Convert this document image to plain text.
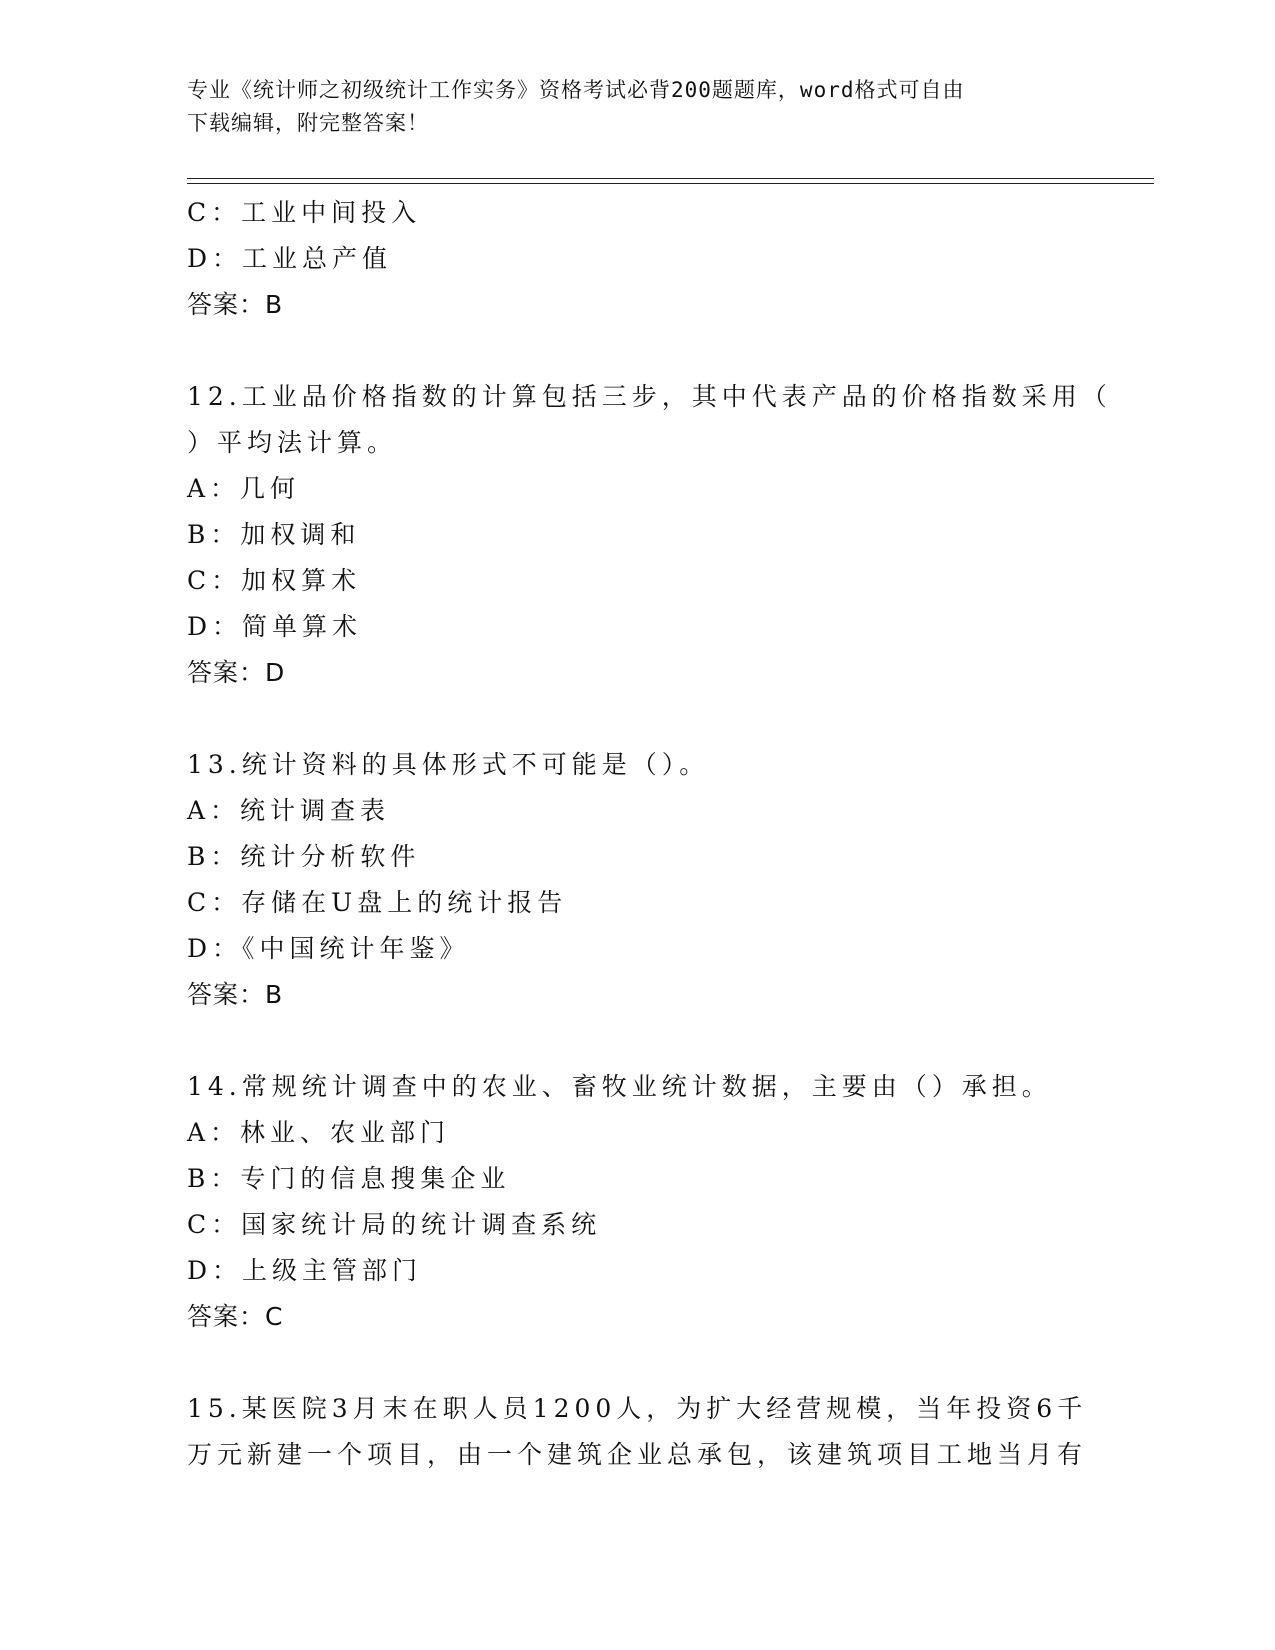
专业《统计师之初级统计工作实务》资格考试必背200题题库，word格式可自由
下载编辑，附完整答案！
C：工业中间投入
D：工业总产值
答案：B
12.工业品价格指数的计算包括三步，其中代表产品的价格指数采用（
）平均法计算。
A：几何
B：加权调和
C：加权算术
D：简单算术
答案：D
13.统计资料的具体形式不可能是（）。
A：统计调查表
B：统计分析软件
C：存储在U盘上的统计报告
D：《中国统计年鉴》
答案：B
14.常规统计调查中的农业、畜牧业统计数据，主要由（）承担。
A：林业、农业部门
B：专门的信息搜集企业
C：国家统计局的统计调查系统
D：上级主管部门
答案：C
15.某医院3月末在职人员1200人，为扩大经营规模，当年投资6千
万元新建一个项目，由一个建筑企业总承包，该建筑项目工地当月有
